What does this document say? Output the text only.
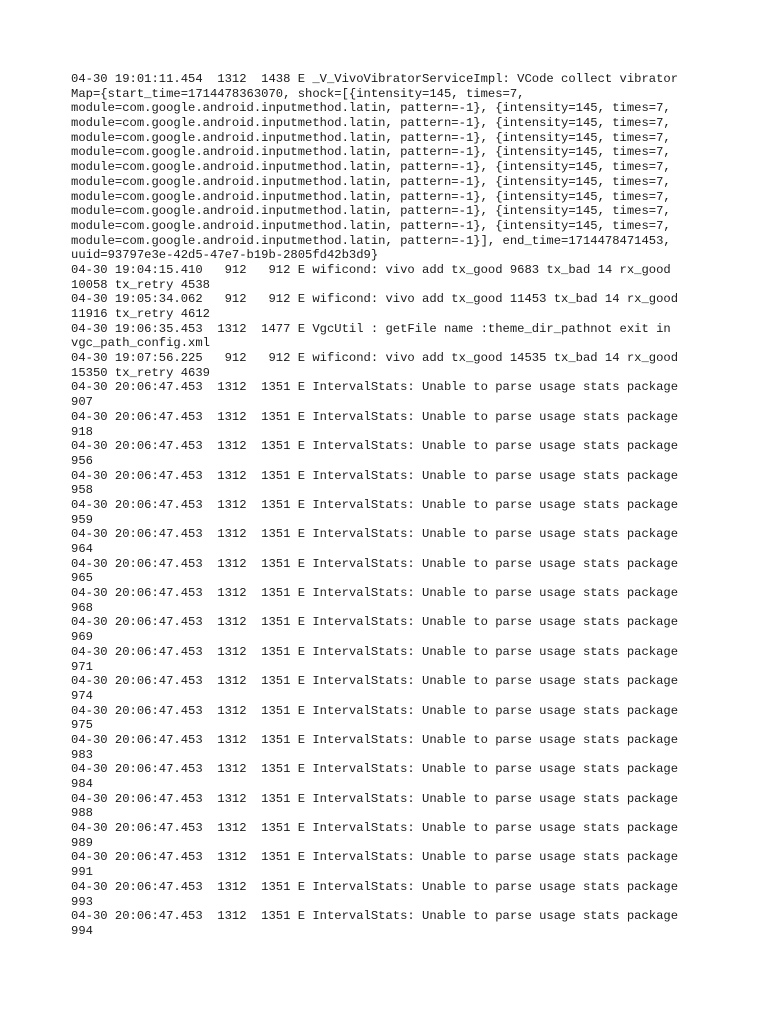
04-30 19:01:11.454  1312  1438 E _V_VivoVibratorServiceImpl: VCode collect vibrator
Map={start_time=1714478363070, shock=[{intensity=145, times=7,
module=com.google.android.inputmethod.latin, pattern=-1}, {intensity=145, times=7,
module=com.google.android.inputmethod.latin, pattern=-1}, {intensity=145, times=7,
module=com.google.android.inputmethod.latin, pattern=-1}, {intensity=145, times=7,
module=com.google.android.inputmethod.latin, pattern=-1}, {intensity=145, times=7,
module=com.google.android.inputmethod.latin, pattern=-1}, {intensity=145, times=7,
module=com.google.android.inputmethod.latin, pattern=-1}, {intensity=145, times=7,
module=com.google.android.inputmethod.latin, pattern=-1}, {intensity=145, times=7,
module=com.google.android.inputmethod.latin, pattern=-1}, {intensity=145, times=7,
module=com.google.android.inputmethod.latin, pattern=-1}, {intensity=145, times=7,
module=com.google.android.inputmethod.latin, pattern=-1}], end_time=1714478471453,
uuid=93797e3e-42d5-47e7-b19b-2805fd42b3d9}
04-30 19:04:15.410   912   912 E wificond: vivo add tx_good 9683 tx_bad 14 rx_good
10058 tx_retry 4538
04-30 19:05:34.062   912   912 E wificond: vivo add tx_good 11453 tx_bad 14 rx_good
11916 tx_retry 4612
04-30 19:06:35.453  1312  1477 E VgcUtil : getFile name :theme_dir_pathnot exit in
vgc_path_config.xml
04-30 19:07:56.225   912   912 E wificond: vivo add tx_good 14535 tx_bad 14 rx_good
15350 tx_retry 4639
04-30 20:06:47.453  1312  1351 E IntervalStats: Unable to parse usage stats package
907
04-30 20:06:47.453  1312  1351 E IntervalStats: Unable to parse usage stats package
918
04-30 20:06:47.453  1312  1351 E IntervalStats: Unable to parse usage stats package
956
04-30 20:06:47.453  1312  1351 E IntervalStats: Unable to parse usage stats package
958
04-30 20:06:47.453  1312  1351 E IntervalStats: Unable to parse usage stats package
959
04-30 20:06:47.453  1312  1351 E IntervalStats: Unable to parse usage stats package
964
04-30 20:06:47.453  1312  1351 E IntervalStats: Unable to parse usage stats package
965
04-30 20:06:47.453  1312  1351 E IntervalStats: Unable to parse usage stats package
968
04-30 20:06:47.453  1312  1351 E IntervalStats: Unable to parse usage stats package
969
04-30 20:06:47.453  1312  1351 E IntervalStats: Unable to parse usage stats package
971
04-30 20:06:47.453  1312  1351 E IntervalStats: Unable to parse usage stats package
974
04-30 20:06:47.453  1312  1351 E IntervalStats: Unable to parse usage stats package
975
04-30 20:06:47.453  1312  1351 E IntervalStats: Unable to parse usage stats package
983
04-30 20:06:47.453  1312  1351 E IntervalStats: Unable to parse usage stats package
984
04-30 20:06:47.453  1312  1351 E IntervalStats: Unable to parse usage stats package
988
04-30 20:06:47.453  1312  1351 E IntervalStats: Unable to parse usage stats package
989
04-30 20:06:47.453  1312  1351 E IntervalStats: Unable to parse usage stats package
991
04-30 20:06:47.453  1312  1351 E IntervalStats: Unable to parse usage stats package
993
04-30 20:06:47.453  1312  1351 E IntervalStats: Unable to parse usage stats package
994
